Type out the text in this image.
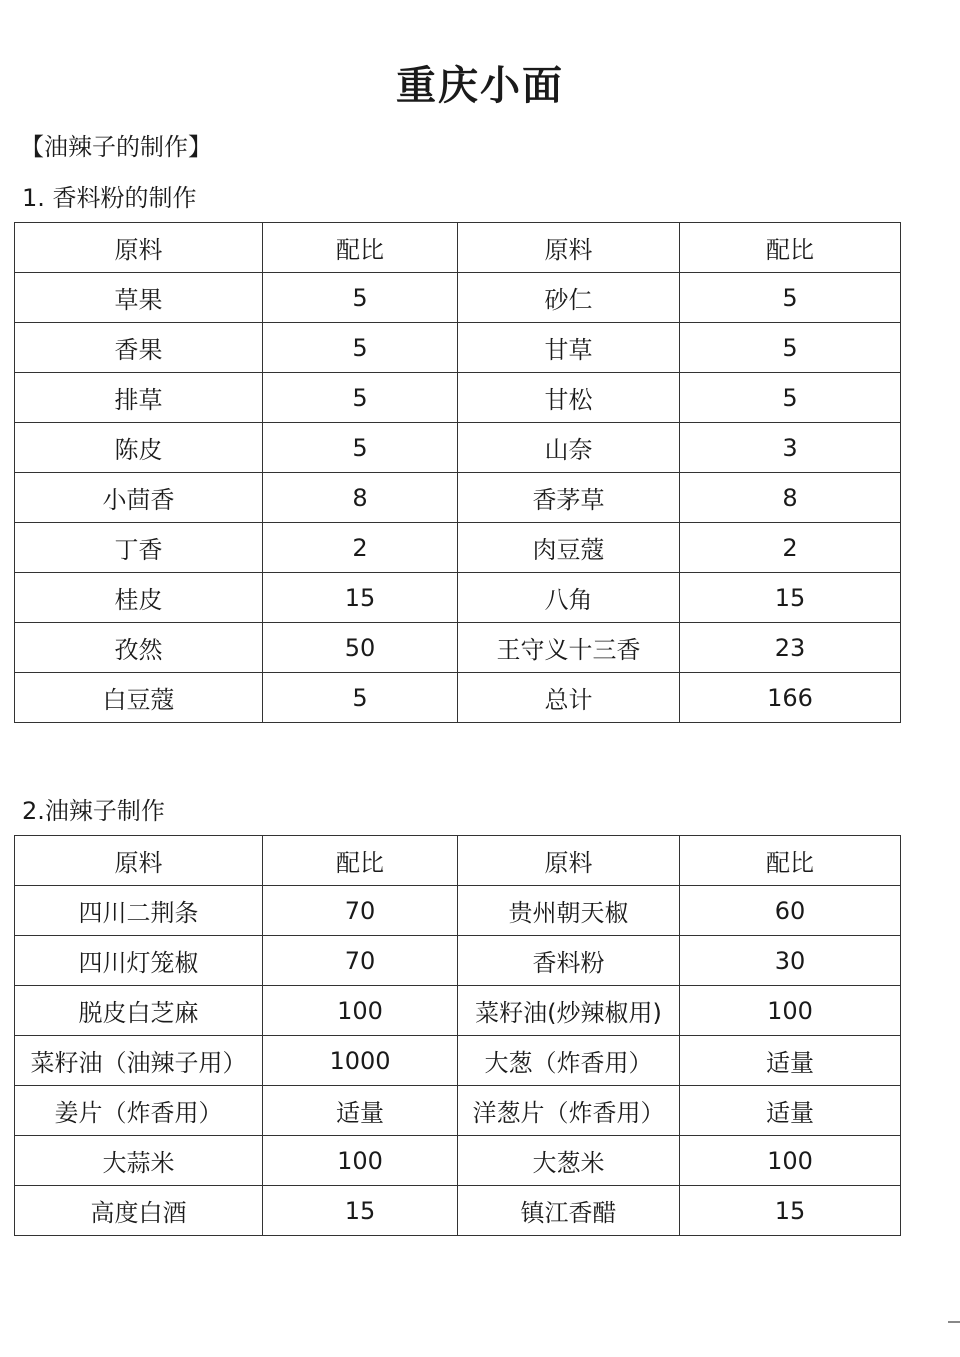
重庆小面
【油辣子的制作】
1. 香料粉的制作
原料	配比	原料	配比
草果	5	砂仁	5
香果	5	甘草	5
排草	5	甘松	5
陈皮	5	山奈	3
小茴香	8	香茅草	8
丁香	2	肉豆蔻	2
桂皮	15	八角	15
孜然	50	王守义十三香	23
白豆蔻	5	总计	166
2.油辣子制作
原料	配比	原料	配比
四川二荆条	70	贵州朝天椒	60
四川灯笼椒	70	香料粉	30
脱皮白芝麻	100	菜籽油(炒辣椒用)	100
菜籽油（油辣子用）	1000	大葱（炸香用）	适量
姜片（炸香用）	适量	洋葱片（炸香用）	适量
大蒜米	100	大葱米	100
高度白酒	15	镇江香醋	15
